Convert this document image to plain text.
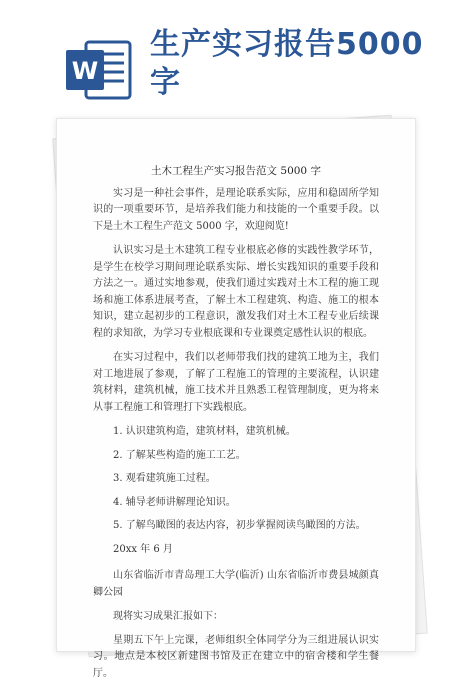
W
生产实习报告5000字
土木工程生产实习报告范文 5000 字

实习是一种社会事件，是理论联系实际，应用和稳固所学知识的一项重要环节，是培养我们能力和技能的一个重要手段。以下是土木工程生产范文 5000 字，欢迎阅览!

认识实习是土木建筑工程专业根底必修的实践性教学环节，是学生在校学习期间理论联系实际、增长实践知识的重要手段和方法之一。通过实地参观，使我们通过实践对土木工程的施工现场和施工体系进展考查，了解土木工程建筑、构造、施工的根本知识，建立起初步的工程意识，激发我们对土木工程专业后续课程的求知欲，为学习专业根底课和专业课奠定感性认识的根底。

在实习过程中，我们以老师带我们找的建筑工地为主，我们对工地进展了参观，了解了工程施工的管理的主要流程，认识建筑材料，建筑机械，施工技术并且熟悉工程管理制度，更为将来从事工程施工和管理打下实践根底。

1. 认识建筑构造，建筑材料，建筑机械。
2. 了解某些构造的施工工艺。
3. 观看建筑施工过程。
4. 辅导老师讲解理论知识。
5. 了解鸟瞰图的表达内容，初步掌握阅读鸟瞰图的方法。
20xx 年 6 月

山东省临沂市青岛理工大学(临沂) 山东省临沂市费县城颜真卿公园

现将实习成果汇报如下：

星期五下午上完课，老师组织全体同学分为三组进展认识实习。地点是本校区新建图书馆及正在建立中的宿舍楼和学生餐厅。
